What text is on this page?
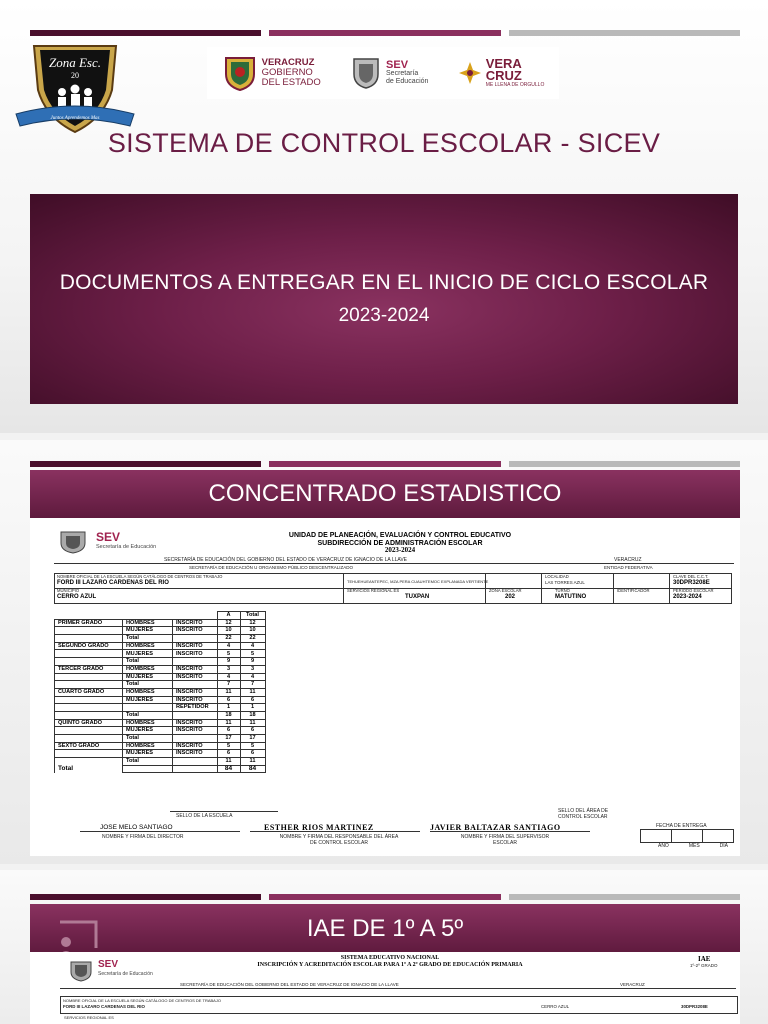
Zona Esc.
20
Juntos Aprendemos Mas
VERACRUZ
GOBIERNO
DEL ESTADO
SEV
Secretaría
de Educación
VERA
CRUZ
ME LLENA DE ORGULLO
SISTEMA DE CONTROL ESCOLAR - SICEV
DOCUMENTOS A ENTREGAR EN EL INICIO DE CICLO ESCOLAR
2023-2024
CONCENTRADO ESTADISTICO
SEV
Secretaría de Educación
UNIDAD DE PLANEACIÓN, EVALUACIÓN Y CONTROL EDUCATIVO
SUBDIRECCIÓN DE ADMINISTRACIÓN ESCOLAR
2023-2024
SECRETARÍA DE EDUCACIÓN DEL GOBIERNO DEL ESTADO DE VERACRUZ DE IGNACIO DE LA LLAVE	VERACRUZ
SECRETARÍA DE EDUCACIÓN U ORGANISMO PÚBLICO DESCENTRALIZADO	ENTIDAD FEDERATIVA
NOMBRE OFICIAL DE LA ESCUELA SEGÚN CATÁLOGO DE CENTROS DE TRABAJO
FORD III LAZARO CARDENAS DEL RIO	TEHUEHUEANTEPEC, MZA PERA CUAUHTEMOC EXPLANADA VERTIENTE
LOCALIDAD
LAS TORRES AZUL
CLAVE DEL C.C.T.
30DPR3208E
MUNICIPIO
CERRO AZUL
SERVICIOS REGIONAL ES
TUXPAN
ZONA ESCOLAR
202
TURNO
MATUTINO
IDENTIFICADOR	PERIODO ESCOLAR
2023-2024
			A	Total
PRIMER GRADO	HOMBRES	INSCRITO	12	12
	MUJERES	INSCRITO	10	10
	Total		22	22
SEGUNDO GRADO	HOMBRES	INSCRITO	4	4
	MUJERES	INSCRITO	5	5
	Total		9	9
TERCER GRADO	HOMBRES	INSCRITO	3	3
	MUJERES	INSCRITO	4	4
	Total		7	7
CUARTO GRADO	HOMBRES	INSCRITO	11	11
	MUJERES	INSCRITO	6	6
		REPETIDOR	1	1
	Total		18	18
QUINTO GRADO	HOMBRES	INSCRITO	11	11
	MUJERES	INSCRITO	6	6
	Total		17	17
SEXTO GRADO	HOMBRES	INSCRITO	5	5
	MUJERES	INSCRITO	6	6
	Total		11	11
Total			84	84
SELLO DE LA ESCUELA
SELLO DEL ÁREA DE CONTROL ESCOLAR
FECHA DE ENTREGA
AÑO	MES	DÍA
JOSE MELO SANTIAGO
NOMBRE Y FIRMA DEL DIRECTOR
ESTHER RIOS MARTINEZ
NOMBRE Y FIRMA DEL RESPONSABLE DEL ÁREA DE CONTROL ESCOLAR
JAVIER BALTAZAR SANTIAGO
NOMBRE Y FIRMA DEL SUPERVISOR ESCOLAR
IAE DE 1º A 5º
SEV
Secretaría de Educación
SISTEMA EDUCATIVO NACIONAL
INSCRIPCIÓN Y ACREDITACIÓN ESCOLAR PARA 1º A 2º GRADO DE EDUCACIÓN PRIMARIA
IAE
1º-2º GRADO
SECRETARÍA DE EDUCACIÓN DEL GOBIERNO DEL ESTADO DE VERACRUZ DE IGNACIO DE LA LLAVE	VERACRUZ
NOMBRE OFICIAL DE LA ESCUELA SEGÚN CATÁLOGO DE CENTROS DE TRABAJO
FORD III LAZARO CARDENAS DEL RIO	CERRO AZUL	30DPR3208E
SERVICIOS REGIONAL ES
